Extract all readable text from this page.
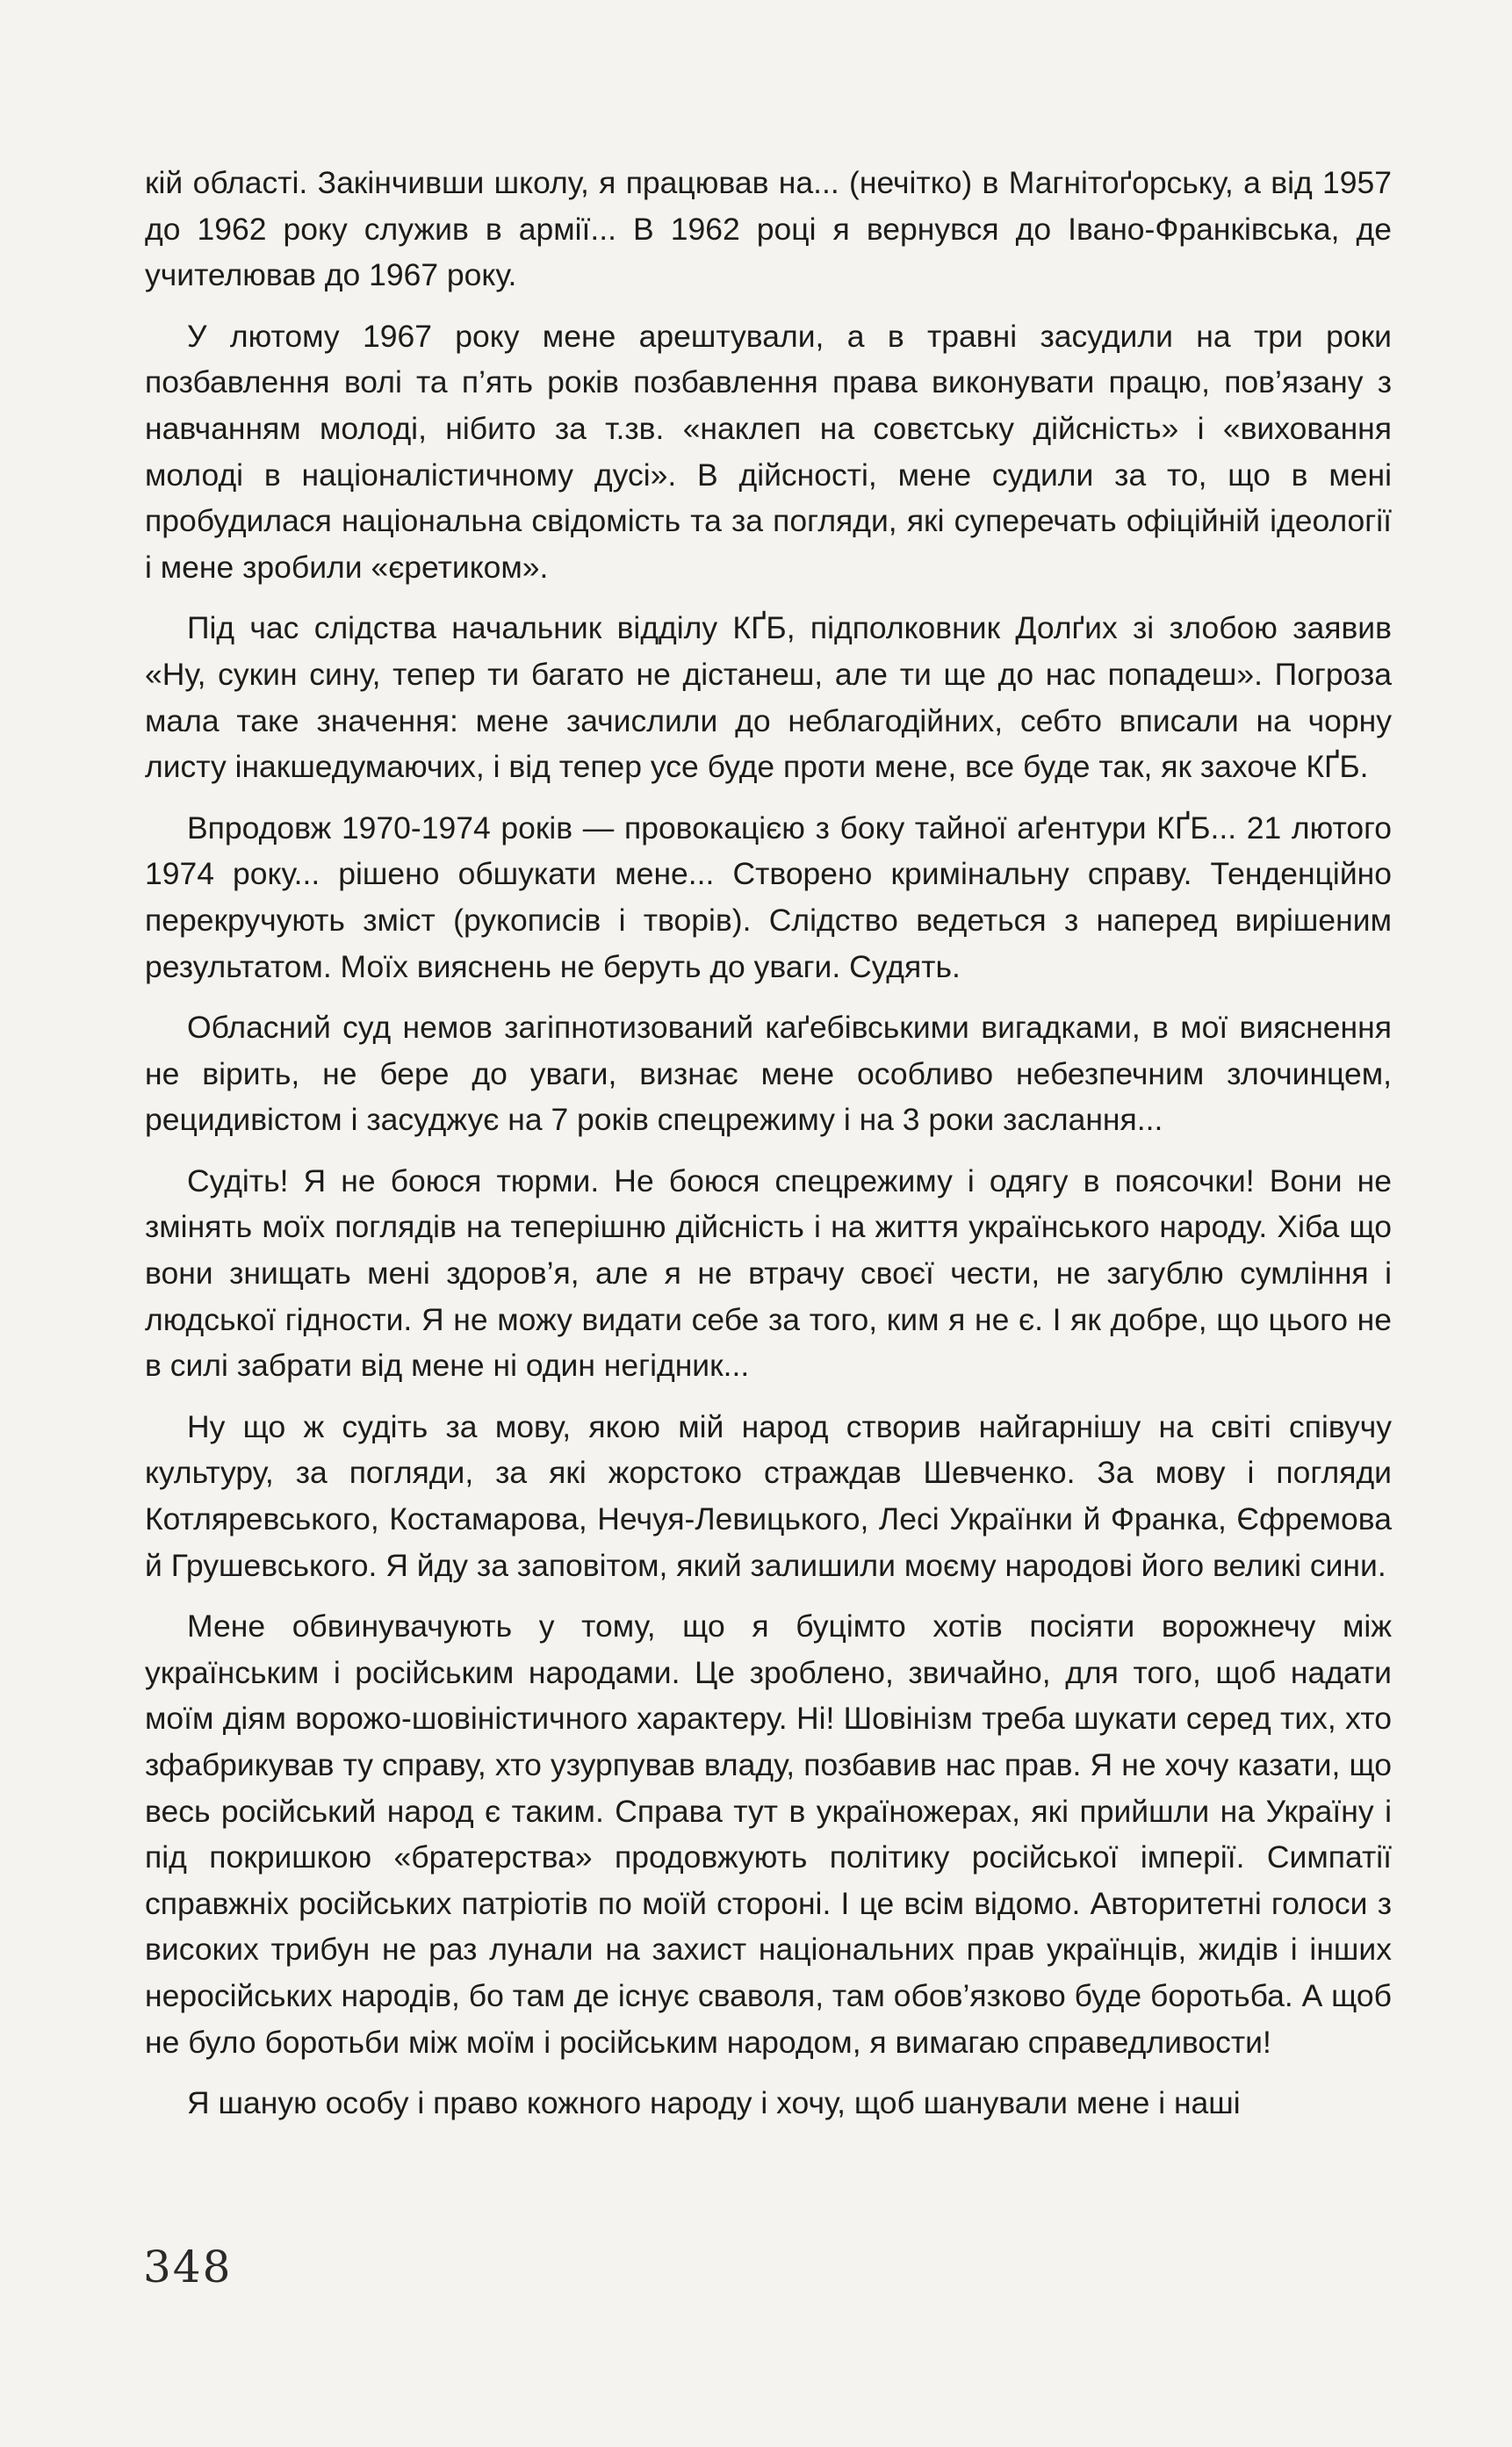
кій області. Закінчивши школу, я працював на... (нечітко) в Магнітоґорську, а від 1957 до 1962 року служив в армії... В 1962 році я вернувся до Івано-Франківська, де учителював до 1967 року.

У лютому 1967 року мене арештували, а в травні засудили на три роки позбавлення волі та п’ять років позбавлення права виконувати працю, пов’язану з навчанням молоді, нібито за т.зв. «наклеп на совєтську дійсність» і «виховання молоді в націоналістичному дусі». В дійсності, мене судили за то, що в мені пробудилася національна свідомість та за погляди, які суперечать офіційній ідеології і мене зробили «єретиком».

Під час слідства начальник відділу КҐБ, підполковник Долґих зі злобою заявив «Ну, сукин сину, тепер ти багато не дістанеш, але ти ще до нас попадеш». Погроза мала таке значення: мене зачислили до неблагодійних, себто вписали на чорну листу інакшедумаючих, і від тепер усе буде проти мене, все буде так, як захоче КҐБ.

Впродовж 1970-1974 років — провокацією з боку тайної аґентури КҐБ... 21 лютого 1974 року... рішено обшукати мене... Створено кримінальну справу. Тенденційно перекручують зміст (рукописів і творів). Слідство ведеться з наперед вирішеним результатом. Моїх вияснень не беруть до уваги. Судять.

Обласний суд немов загіпнотизований каґебівськими вигадками, в мої вияснення не вірить, не бере до уваги, визнає мене особливо небезпечним злочинцем, рецидивістом і засуджує на 7 років спецрежиму і на 3 роки заслання...

Судіть! Я не боюся тюрми. Не боюся спецрежиму і одягу в поясочки! Вони не змінять моїх поглядів на теперішню дійсність і на життя українського народу. Хіба що вони знищать мені здоров’я, але я не втрачу своєї чести, не загублю сумління і людської гідности. Я не можу видати себе за того, ким я не є. І як добре, що цього не в силі забрати від мене ні один негідник...

Ну що ж судіть за мову, якою мій народ створив найгарнішу на світі співучу культуру, за погляди, за які жорстоко страждав Шевченко. За мову і погляди Котляревського, Костамарова, Нечуя-Левицького, Лесі Українки й Франка, Єфремова й Грушевського. Я йду за заповітом, який залишили моєму народові його великі сини.

Мене обвинувачують у тому, що я буцімто хотів посіяти ворожнечу між українським і російським народами. Це зроблено, звичайно, для того, щоб надати моїм діям ворожо-шовіністичного характеру. Ні! Шовінізм треба шукати серед тих, хто зфабрикував ту справу, хто узурпував владу, позбавив нас прав. Я не хочу казати, що весь російський народ є таким. Справа тут в україножерах, які прийшли на Україну і під покришкою «братерства» продовжують політику російської імперії. Симпатії справжніх російських патріотів по моїй стороні. І це всім відомо. Авторитетні голоси з високих трибун не раз лунали на захист національних прав українців, жидів і інших неросійських народів, бо там де існує сваволя, там обов’язково буде боротьба. А щоб не було боротьби між моїм і російським народом, я вимагаю справедливости!

Я шаную особу і право кожного народу і хочу, щоб шанували мене і наші

348
